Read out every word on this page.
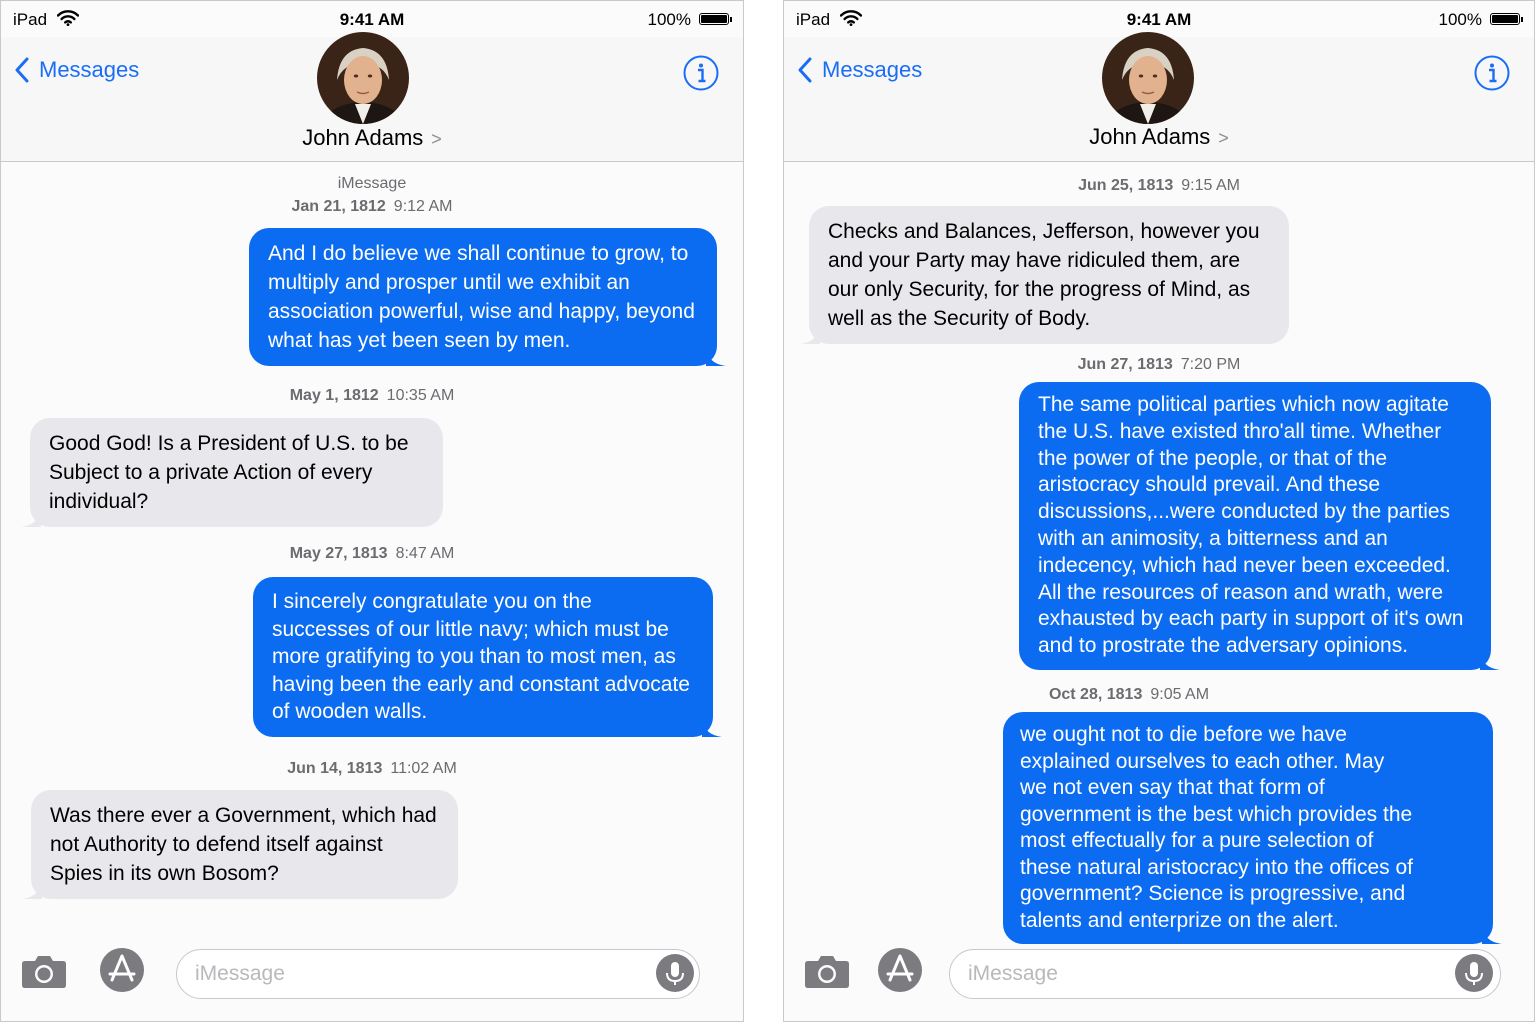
iPad	9:41 AM	100%
Messages
John Adams >
iMessage
Jan 21, 1812 9:12 AM
And I do believe we shall continue to grow, to multiply and prosper until we exhibit an association powerful, wise and happy, beyond what has yet been seen by men.
May 1, 1812 10:35 AM
Good God! Is a President of U.S. to be Subject to a private Action of every individual?
May 27, 1813 8:47 AM
I sincerely congratulate you on the successes of our little navy; which must be more gratifying to you than to most men, as having been the early and constant advocate of wooden walls.
Jun 14, 1813 11:02 AM
Was there ever a Government, which had not Authority to defend itself against Spies in its own Bosom?
iMessage
iPad	9:41 AM	100%
Messages
John Adams >
Jun 25, 1813 9:15 AM
Checks and Balances, Jefferson, however you and your Party may have ridiculed them, are our only Security, for the progress of Mind, as well as the Security of Body.
Jun 27, 1813 7:20 PM
The same political parties which now agitate the U.S. have existed thro'all time. Whether the power of the people, or that of the aristocracy should prevail. And these discussions,...were conducted by the parties with an animosity, a bitterness and an indecency, which had never been exceeded. All the resources of reason and wrath, were exhausted by each party in support of it's own and to prostrate the adversary opinions.
Oct 28, 1813 9:05 AM
we ought not to die before we have explained ourselves to each other. May we not even say that that form of government is the best which provides the most effectually for a pure selection of these natural aristocracy into the offices of government? Science is progressive, and talents and enterprize on the alert.
iMessage
